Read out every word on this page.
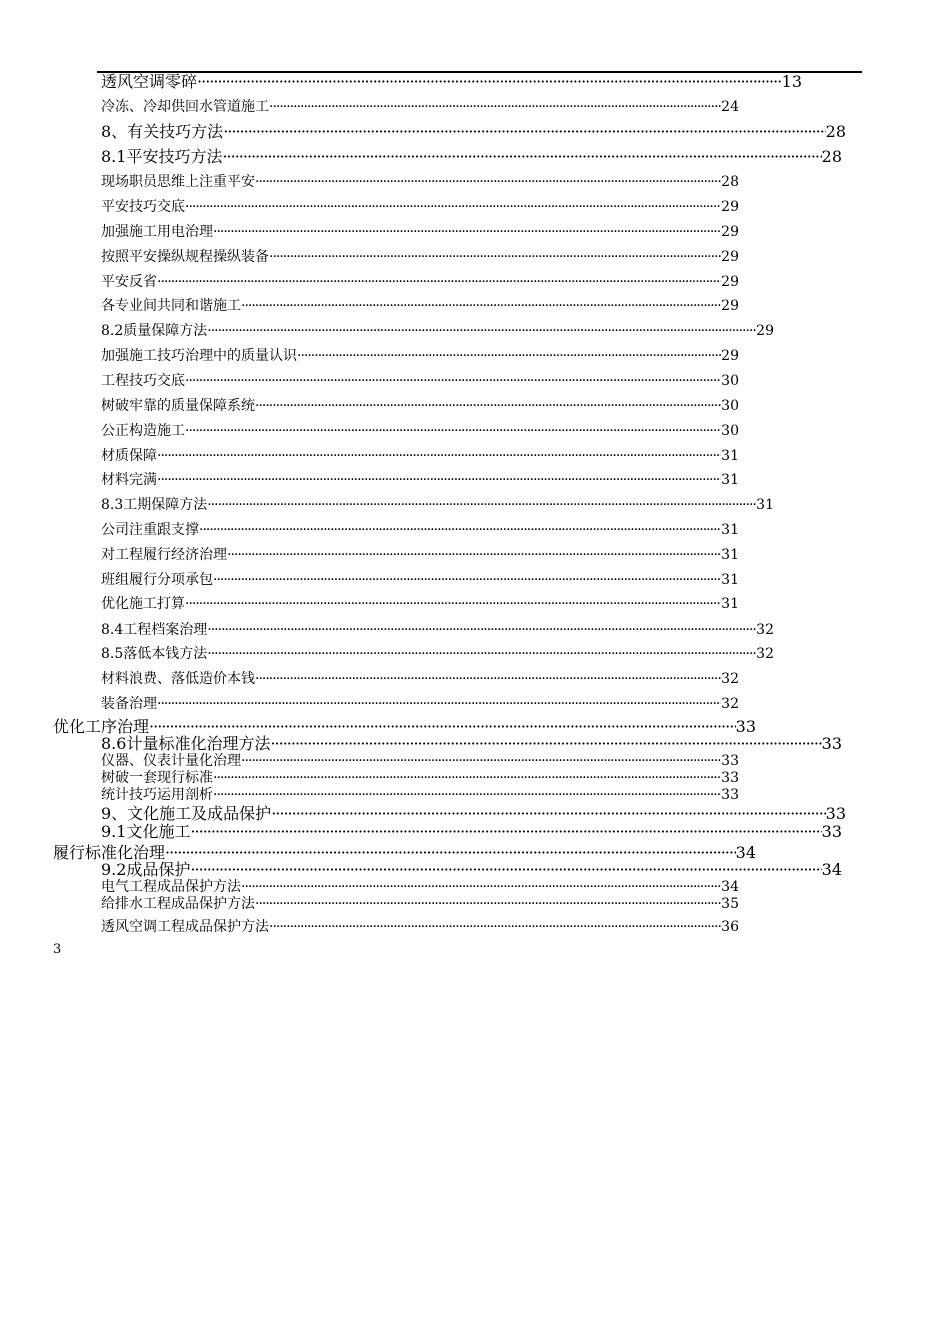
透风空调零碎 ·····	13
冷冻、冷却供回水管道施工 ·····	24
8、有关技巧方法 ·····	28
8.1平安技巧方法 ·····	28
现场职员思维上注重平安 ·····	28
平安技巧交底 ·····	29
加强施工用电治理 ·····	29
按照平安操纵规程操纵装备 ·····	29
平安反省 ·····	29
各专业间共同和谐施工 ·····	29
8.2质量保障方法 ·····	29
加强施工技巧治理中的质量认识 ·····	29
工程技巧交底 ·····	30
树破牢靠的质量保障系统 ·····	30
公正构造施工 ·····	30
材质保障 ·····	31
材料完满 ·····	31
8.3工期保障方法 ·····	31
公司注重跟支撑 ·····	31
对工程履行经济治理 ·····	31
班组履行分项承包 ·····	31
优化施工打算 ·····	31
8.4工程档案治理 ·····	32
8.5落低本钱方法 ·····	32
材料浪费、落低造价本钱 ·····	32
装备治理 ·····	32
优化工序治理 ·····	33
8.6计量标准化治理方法 ·····	33
仪器、仪表计量化治理 ·····	33
树破一套现行标准 ·····	33
统计技巧运用剖析 ·····	33
9、文化施工及成品保护 ·····	33
9.1文化施工 ·····	33
履行标准化治理 ·····	34
9.2成品保护 ·····	34
电气工程成品保护方法 ·····	34
给排水工程成品保护方法 ·····	35
透风空调工程成品保护方法 ·····	36
3
